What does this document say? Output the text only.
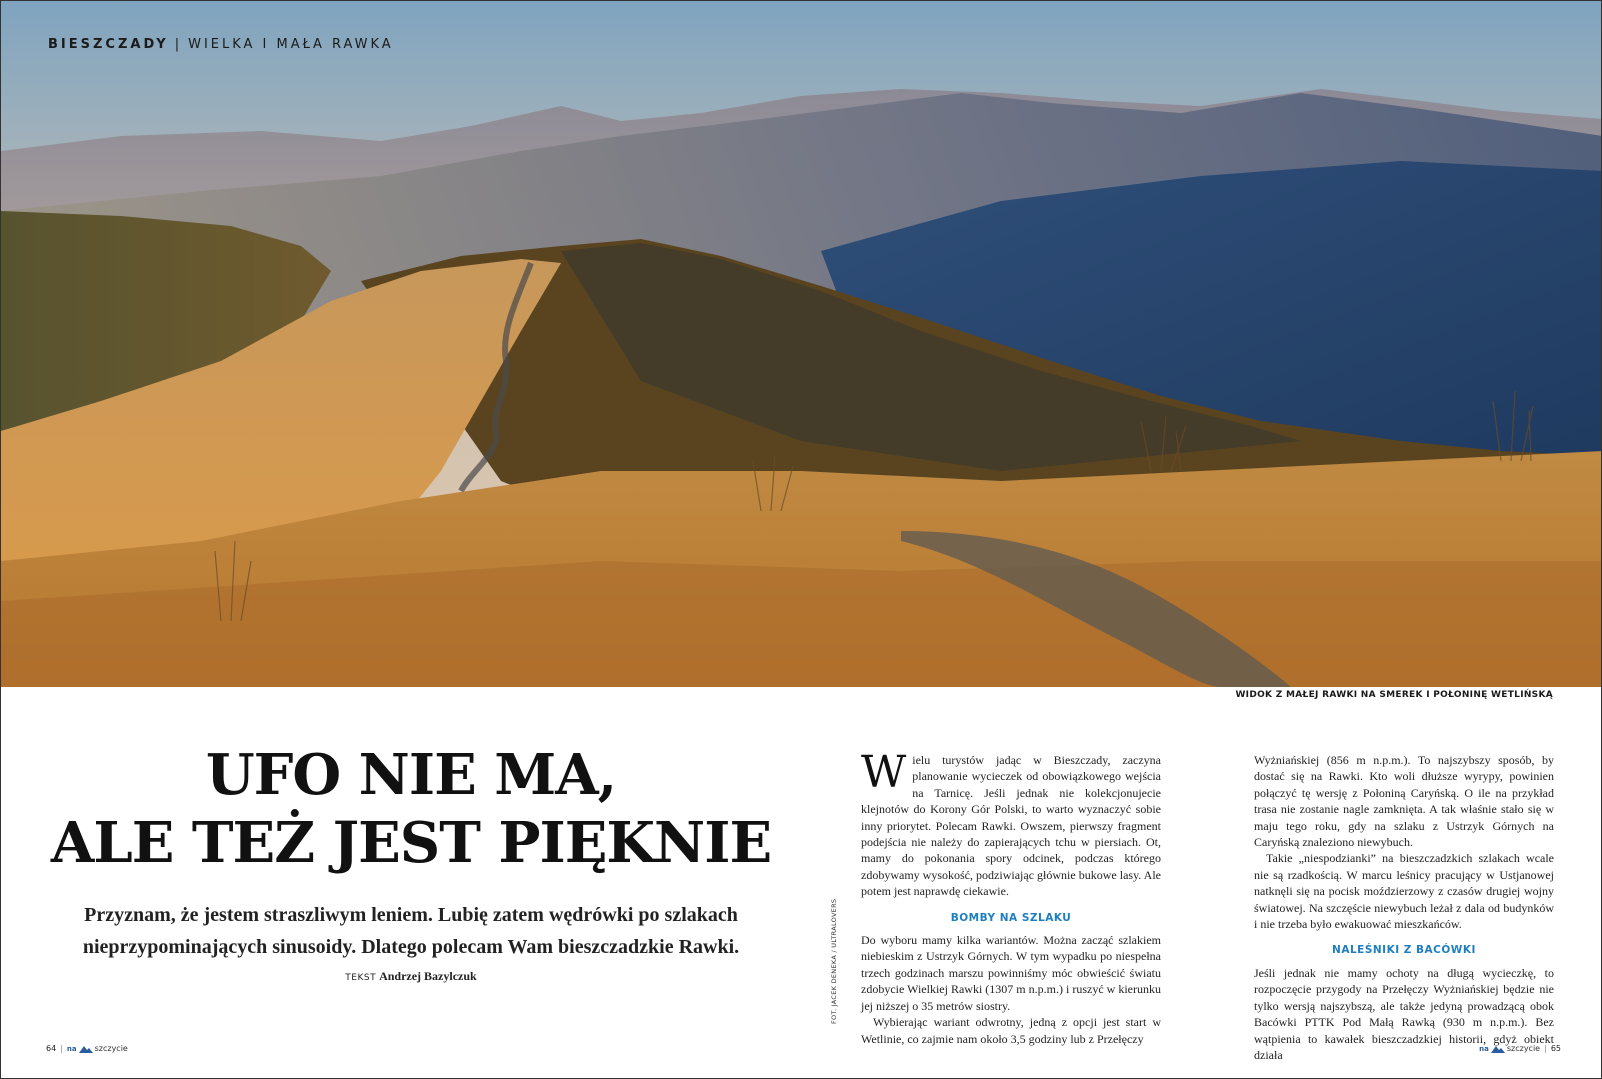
BIESZCZADY | WIELKA I MAŁA RAWKA
WIDOK Z MAŁEJ RAWKI NA SMEREK I POŁONINĘ WETLIŃSKĄ
UFO NIE MA,
ALE TEŻ JEST PIĘKNIE

Przyznam, że jestem straszliwym leniem. Lubię zatem wędrówki po szlakach nieprzypominających sinusoidy. Dlatego polecam Wam bieszczadzkie Rawki.

TEKST Andrzej Bazylczuk	FOT. JACEK DENEKA / ULTRALOVERS
64 | na szczycie	na szczycie | 65

Wielu turystów jadąc w Bieszczady, zaczyna planowanie wycieczek od obowiązkowego wejścia na Tarnicę. Jeśli jednak nie kolekcjonujecie klejnotów do Korony Gór Polski, to warto wyznaczyć sobie inny priorytet. Polecam Rawki. Owszem, pierwszy fragment podejścia nie należy do zapierających tchu w piersiach. Ot, mamy do pokonania spory odcinek, podczas którego zdobywamy wysokość, podziwiając głównie bukowe lasy. Ale potem jest naprawdę ciekawie.

BOMBY NA SZLAKU

Do wyboru mamy kilka wariantów. Można zacząć szlakiem niebieskim z Ustrzyk Górnych. W tym wypadku po niespełna trzech godzinach marszu powinniśmy móc obwieścić światu zdobycie Wielkiej Rawki (1307 m n.p.m.) i ruszyć w kierunku jej niższej o 35 metrów siostry.

Wybierając wariant odwrotny, jedną z opcji jest start w Wetlinie, co zajmie nam około 3,5 godziny lub z Przełęczy

Wyżniańskiej (856 m n.p.m.). To najszybszy sposób, by dostać się na Rawki. Kto woli dłuższe wyrypy, powinien połączyć tę wersję z Połoniną Caryńską. O ile na przykład trasa nie zostanie nagle zamknięta. A tak właśnie stało się w maju tego roku, gdy na szlaku z Ustrzyk Górnych na Caryńską znaleziono niewybuch.

Takie „niespodzianki” na bieszczadzkich szlakach wcale nie są rzadkością. W marcu leśnicy pracujący w Ustjanowej natknęli się na pocisk moździerzowy z czasów drugiej wojny światowej. Na szczęście niewybuch leżał z dala od budynków i nie trzeba było ewakuować mieszkańców.

NALEŚNIKI Z BACÓWKI

Jeśli jednak nie mamy ochoty na długą wycieczkę, to rozpoczęcie przygody na Przełęczy Wyżniańskiej będzie nie tylko wersją najszybszą, ale także jedyną prowadzącą obok Bacówki PTTK Pod Małą Rawką (930 m n.p.m.). Bez wątpienia to kawałek bieszczadzkiej historii, gdyż obiekt działa
